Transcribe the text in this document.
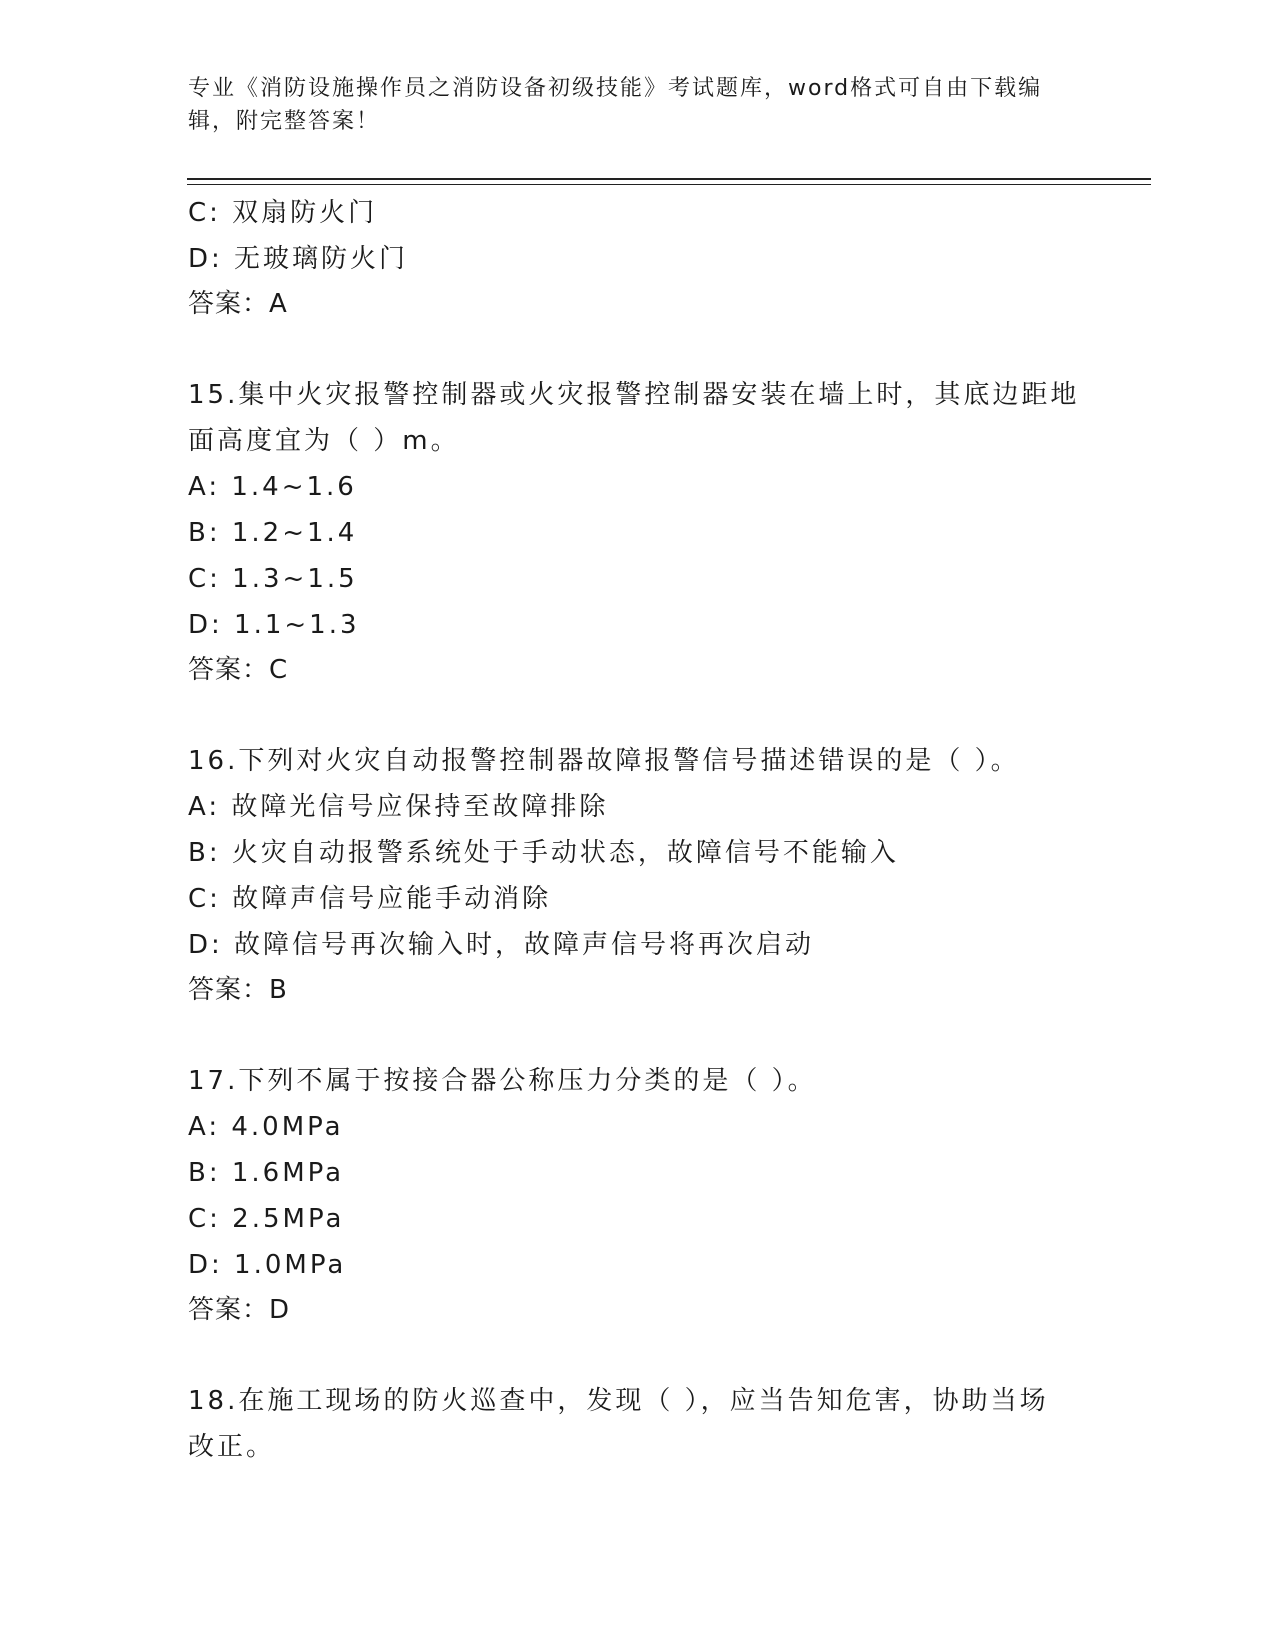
专业《消防设施操作员之消防设备初级技能》考试题库，word格式可自由下载编
辑，附完整答案！
C: 双扇防火门
D: 无玻璃防火门
答案：A
15.集中火灾报警控制器或火灾报警控制器安装在墙上时，其底边距地
面高度宜为（ ）m。
A: 1.4~1.6
B: 1.2~1.4
C: 1.3~1.5
D: 1.1~1.3
答案：C
16.下列对火灾自动报警控制器故障报警信号描述错误的是（ ）。
A: 故障光信号应保持至故障排除
B: 火灾自动报警系统处于手动状态，故障信号不能输入
C: 故障声信号应能手动消除
D: 故障信号再次输入时，故障声信号将再次启动
答案：B
17.下列不属于按接合器公称压力分类的是（ ）。
A: 4.0MPa
B: 1.6MPa
C: 2.5MPa
D: 1.0MPa
答案：D
18.在施工现场的防火巡查中，发现（ ），应当告知危害，协助当场
改正。
